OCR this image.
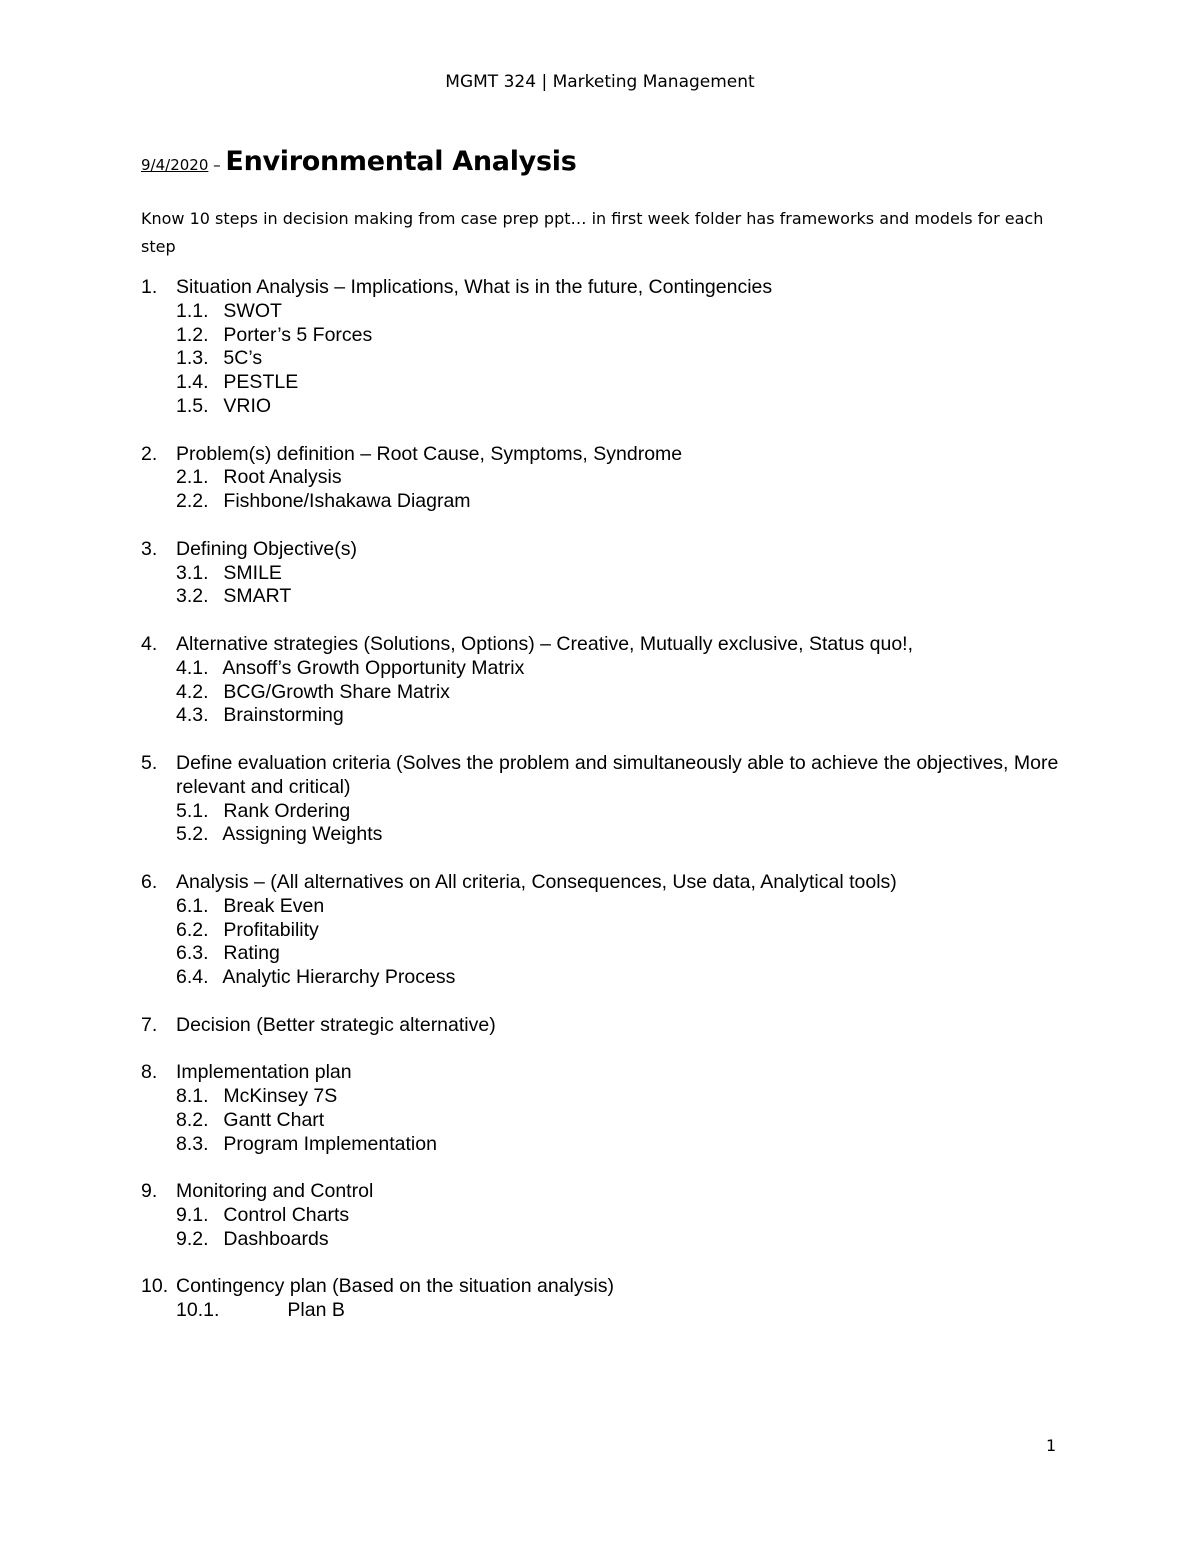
MGMT 324 | Marketing Management
9/4/2020 – Environmental Analysis
Know 10 steps in decision making from case prep ppt… in first week folder has frameworks and models for each step
1. Situation Analysis – Implications, What is in the future, Contingencies
1.1. SWOT
1.2. Porter’s 5 Forces
1.3. 5C’s
1.4. PESTLE
1.5. VRIO
2. Problem(s) definition – Root Cause, Symptoms, Syndrome
2.1. Root Analysis
2.2. Fishbone/Ishakawa Diagram
3. Defining Objective(s)
3.1. SMILE
3.2. SMART
4. Alternative strategies (Solutions, Options) – Creative, Mutually exclusive, Status quo!,
4.1. Ansoff’s Growth Opportunity Matrix
4.2. BCG/Growth Share Matrix
4.3. Brainstorming
5. Define evaluation criteria (Solves the problem and simultaneously able to achieve the objectives, More relevant and critical)
5.1. Rank Ordering
5.2. Assigning Weights
6. Analysis – (All alternatives on All criteria, Consequences, Use data, Analytical tools)
6.1. Break Even
6.2. Profitability
6.3. Rating
6.4. Analytic Hierarchy Process
7. Decision (Better strategic alternative)
8. Implementation plan
8.1. McKinsey 7S
8.2. Gantt Chart
8.3. Program Implementation
9. Monitoring and Control
9.1. Control Charts
9.2. Dashboards
10. Contingency plan (Based on the situation analysis)
10.1.	Plan B
1
